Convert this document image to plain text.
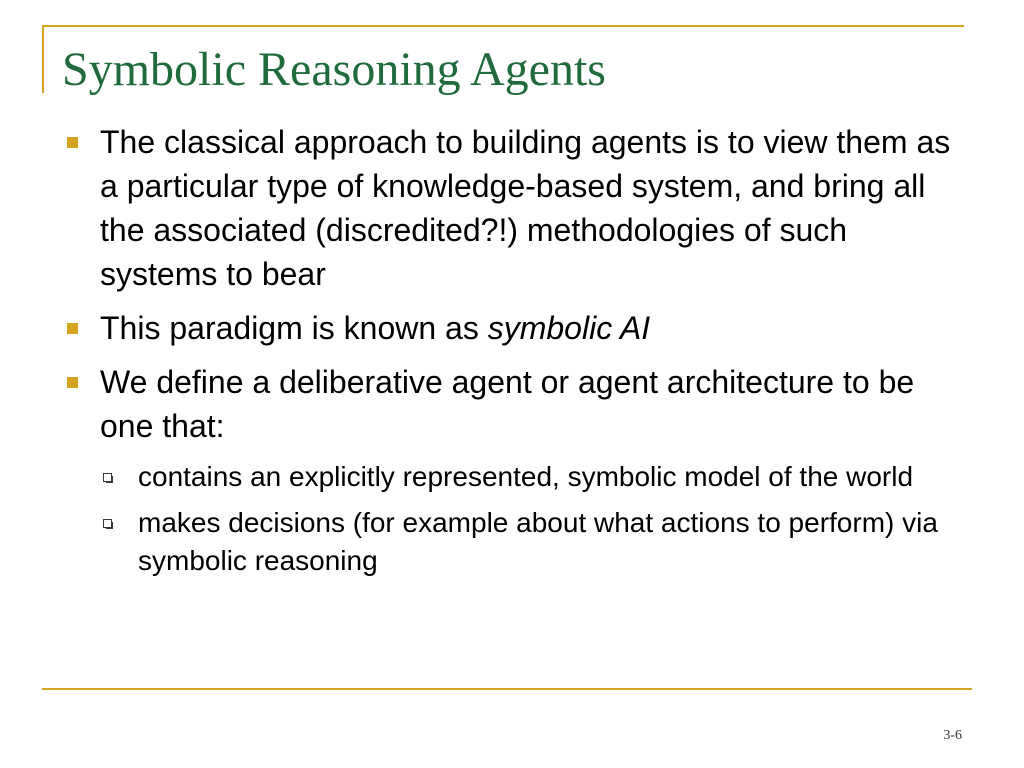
Symbolic Reasoning Agents
The classical approach to building agents is to view them as a particular type of knowledge-based system, and bring all the associated (discredited?!) methodologies of such systems to bear
This paradigm is known as symbolic AI
We define a deliberative agent or agent architecture to be one that:
contains an explicitly represented, symbolic model of the world
makes decisions (for example about what actions to perform) via symbolic reasoning
3-6
